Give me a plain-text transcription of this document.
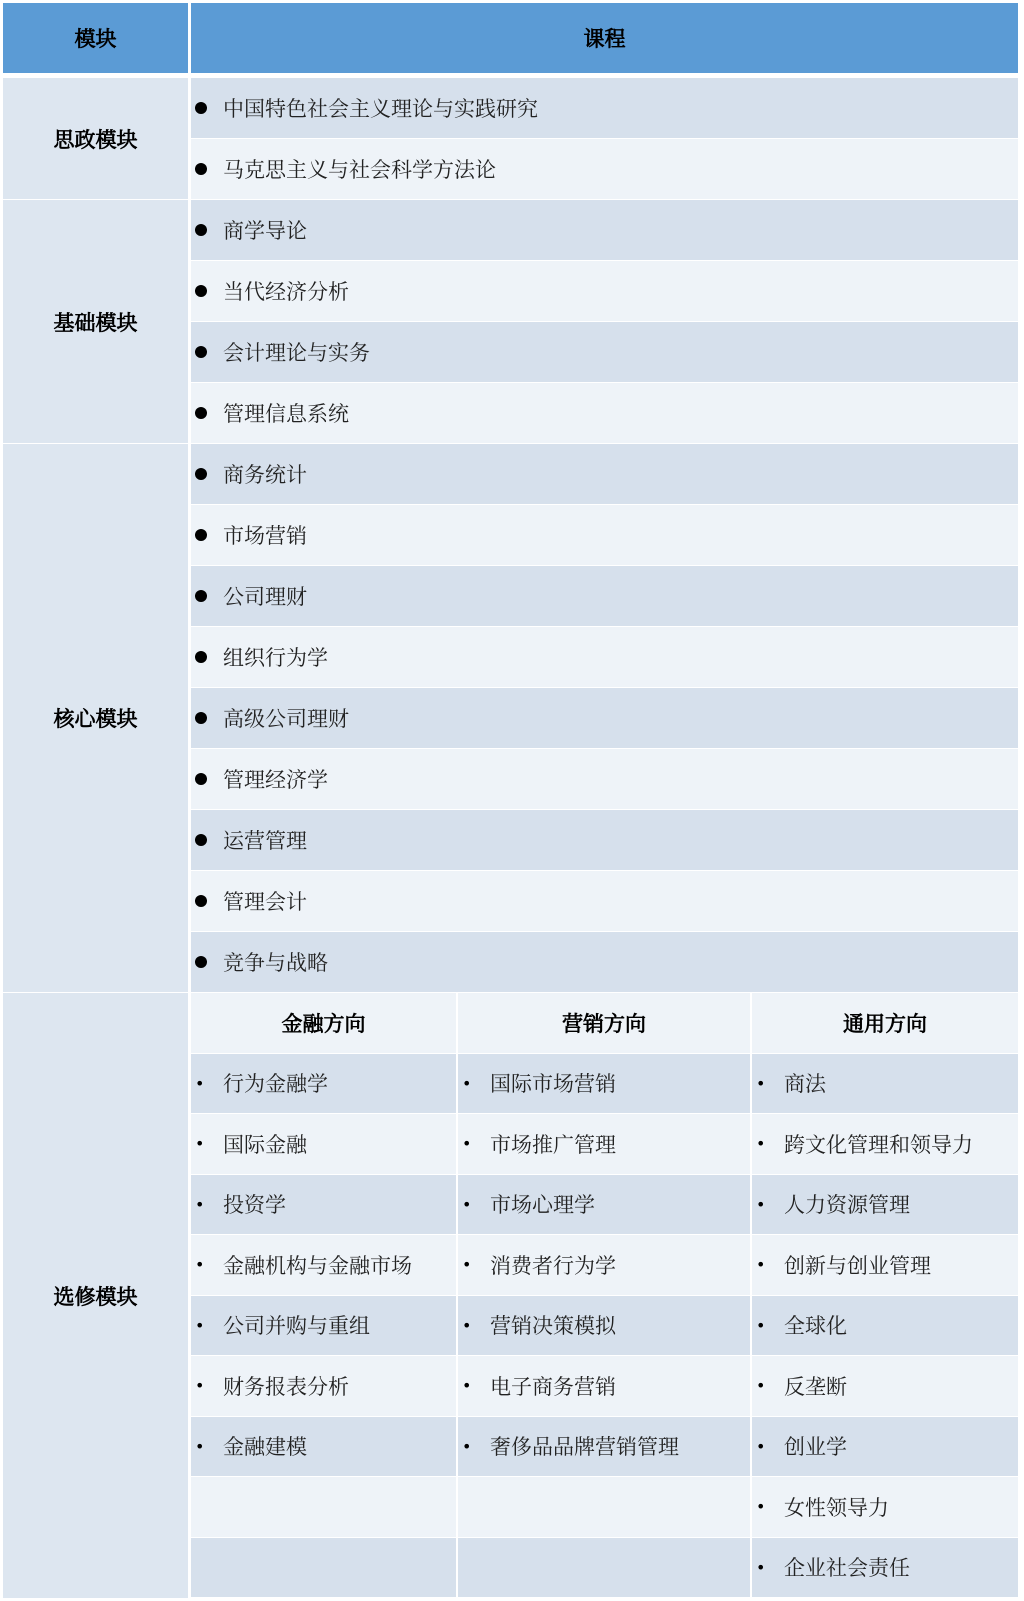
模块	课程
思政模块
中国特色社会主义理论与实践研究
马克思主义与社会科学方法论
基础模块
商学导论
当代经济分析
会计理论与实务
管理信息系统
核心模块
商务统计
市场营销
公司理财
组织行为学
高级公司理财
管理经济学
运营管理
管理会计
竞争与战略
选修模块
金融方向
• 行为金融学
• 国际金融
• 投资学
• 金融机构与金融市场
• 公司并购与重组
• 财务报表分析
• 金融建模
营销方向
• 国际市场营销
• 市场推广管理
• 市场心理学
• 消费者行为学
• 营销决策模拟
• 电子商务营销
• 奢侈品品牌营销管理
通用方向
• 商法
• 跨文化管理和领导力
• 人力资源管理
• 创新与创业管理
• 全球化
• 反垄断
• 创业学
• 女性领导力
• 企业社会责任
